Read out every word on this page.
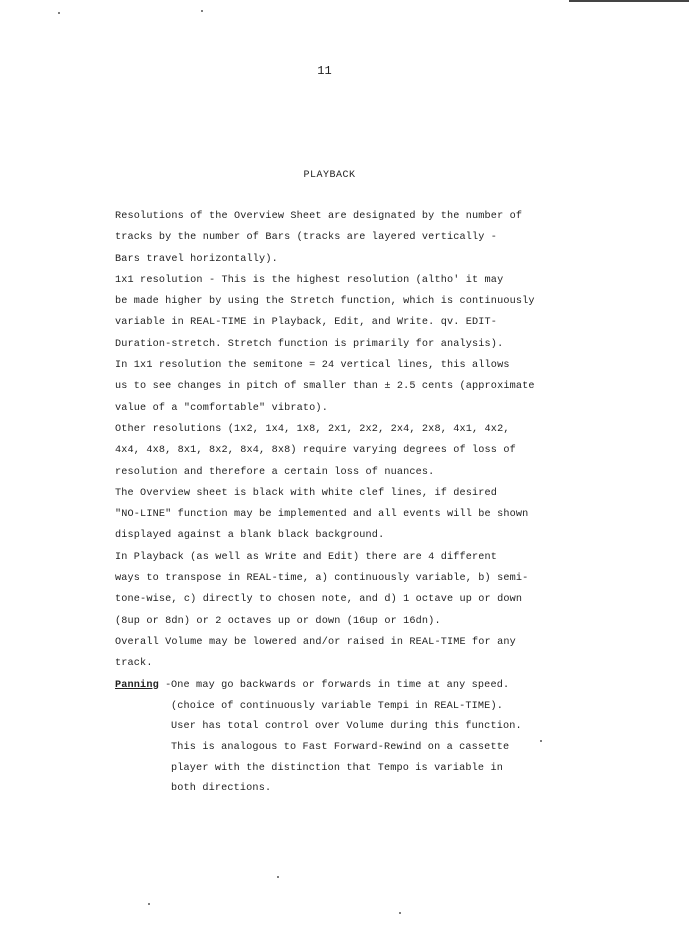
11
PLAYBACK
Resolutions of the Overview Sheet are designated by the number of
tracks by the number of Bars (tracks are layered vertically -
Bars travel horizontally).
1x1 resolution - This is the highest resolution (altho' it may
be made higher by using the Stretch function, which is continuously
variable in REAL-TIME in Playback, Edit, and Write. qv. EDIT-
Duration-stretch. Stretch function is primarily for analysis).
In 1x1 resolution the semitone = 24 vertical lines, this allows
us to see changes in pitch of smaller than ± 2.5 cents (approximate
value of a "comfortable" vibrato).
Other resolutions (1x2, 1x4, 1x8, 2x1, 2x2, 2x4, 2x8, 4x1, 4x2,
4x4, 4x8, 8x1, 8x2, 8x4, 8x8) require varying degrees of loss of
resolution and therefore a certain loss of nuances.
The Overview sheet is black with white clef lines, if desired
"NO-LINE" function may be implemented and all events will be shown
displayed against a blank black background.
In Playback (as well as Write and Edit) there are 4 different
ways to transpose in REAL-time, a) continuously variable, b) semi-
tone-wise, c) directly to chosen note, and d) 1 octave up or down
(8up or 8dn) or 2 octaves up or down (16up or 16dn).
Overall Volume may be lowered and/or raised in REAL-TIME for any
track.
Panning - One may go backwards or forwards in time at any speed.
(choice of continuously variable Tempi in REAL-TIME).
User has total control over Volume during this function.
This is analogous to Fast Forward-Rewind on a cassette
player with the distinction that Tempo is variable in
both directions.
